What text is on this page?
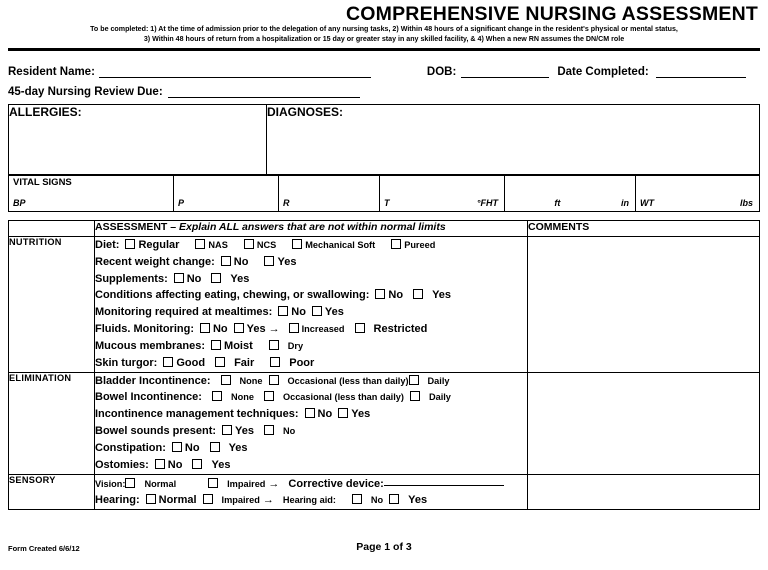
COMPREHENSIVE NURSING ASSESSMENT
To be completed: 1) At the time of admission prior to the delegation of any nursing tasks, 2) Within 48 hours of a significant change in the resident's physical or mental status,
3) Within 48 hours of return from a hospitalization or 15 day or greater stay in any skilled facility, & 4) When a new RN assumes the DN/CM role
Resident Name:	DOB:	Date Completed:
45-day Nursing Review Due:
ALLERGIES:	DIAGNOSES:
VITAL SIGNS
BP	P	R	T	°FHT	ft	in	WT	lbs
	ASSESSMENT – Explain ALL answers that are not within normal limits	COMMENTS
NUTRITION	Diet: Regular	NAS	NCS	Mechanical Soft	Pureed
Recent weight change: No	Yes
Supplements: No	Yes
Conditions affecting eating, chewing, or swallowing: No	Yes
Monitoring required at mealtimes: No Yes
Fluids. Monitoring: No Yes → Increased	Restricted
Mucous membranes: Moist	Dry
Skin turgor: Good	Fair	Poor

ELIMINATION	Bladder Incontinence:	None	Occasional (less than daily) Daily
Bowel Incontinence:	None	Occasional (less than daily)	Daily
Incontinence management techniques: No Yes
Bowel sounds present: Yes	No
Constipation: No	Yes
Ostomies: No	Yes

SENSORY	Vision: Normal Impaired → Corrective device:
Hearing: Normal Impaired → Hearing aid: No Yes	

Form Created 6/6/12	Page 1 of 3
